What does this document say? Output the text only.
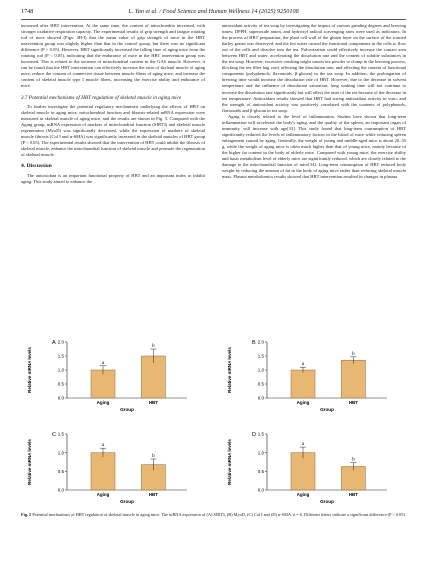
1748	L. Yan et al. / Food Science and Human Wellness 14 (2025) 9250108

increased after HBT intervention. At the same time, the content of mitochondria increased, with stronger oxidative respiration capacity. The experimental results of grip strength and fatigue rotating rod of mice showed (Figs. 4H-I) that the mean value of grip strength of mice in the HBT intervention group was slightly higher than that in the control group, but there was no significant difference (P > 0.05). However, HBT significantly increased the falling time of aging mice from the rotating rod (P < 0.05), indicating that the endurance of mice in the HBT intervention group was increased. This is related to the increase of mitochondrial content in the GAS muscle. However, it can be found that the HBT intervention can effectively increase the ratio of skeletal muscle of aging mice, reduce the content of connective tissue between muscle fibers of aging mice, and increase the content of skeletal muscle type I muscle fibers, increasing the exercise ability and endurance of mice.

3.7 Potential mechanisms of HBT regulation of skeletal muscle in aging mice

To further investigate the potential regulatory mechanisms underlying the effects of HBT on skeletal muscle in aging mice, mitochondrial function and fibrosis-related mRNA expression were measured in skeletal muscle of aging mice, and the results are shown in Fig. 5. Compared with the Aging group, mRNA expression of markers of mitochondrial function (SIRT3) and skeletal muscle regeneration (MyoD) was significantly decreased, while the expression of markers of skeletal muscle fibrosis (Col I and α-SMA) was significantly increased in the skeletal muscles of HBT group (P < 0.05). The experimental results showed that the intervention of HBT could inhibit the fibrosis of skeletal muscle, enhance the mitochondrial function of skeletal muscle and promote the regeneration of skeletal muscle.

4. Discussion

The antioxidant is an important functional property of HBT and an important index to inhibit aging. This study aimed to enhance the

antioxidant activity of tea soup by investigating the impact of various grinding degrees and brewing times; DPPH, superoxide anion, and hydroxyl radical scavenging rates were used as indicators. In the process of HBT preparation, the plant cell wall of the gluten layer on the surface of the roasted barley grains was destroyed, and the hot water caused the functional components in the cells to flow out of the cells and dissolve into the tea. Pulverization could effectively increase the contact area between HBT and water, accelerating the dissolution rate and the content of soluble substances in the tea soup. However, excessive crushing might causes tea powder to clump in the brewing process, blocking the tea filter bag void, affecting the dissolution rate, and affecting the content of functional components (polyphenols, flavonoids, β-glucan) in the tea soup. In addition, the prolongation of brewing time would increase the dissolution rate of HBT. However, due to the decrease in solvent temperature and the influence of dissolution saturation, long soaking time will not continue to increase the dissolution rate significantly but will affect the taste of the tea because of the decrease in tea temperature. Antioxidant results showed that HBT had strong antioxidant activity in vitro, and the strength of antioxidant activity was positively correlated with the contents of polyphenols, flavonoids and β-glucan in tea soup.

Aging is closely related to the level of inflammation. Studies have shown that long-term inflammation will accelerate the body's aging, and the quality of the spleen, an important organ of immunity, will increase with age[33]. This study found that long-term consumption of HBT significantly reduced the levels of inflammatory factors in the blood of mice while reducing spleen enlargement caused by aging. Generally, the weight of young and middle-aged mice is about 20–35 g, while the weight of aging mice is often much higher than that of young mice, mainly because of the higher fat content in the body of elderly mice. Compared with young mice, the exercise ability and basic metabolism level of elderly mice are significantly reduced, which are closely related to the damage to the mitochondrial function of mice[34]. Long-term consumption of HBT reduced body weight by reducing the amount of fat in the body of aging mice rather than reducing skeletal muscle mass. Plasma metabolomics results showed that HBT intervention resulted in changes in plasma

A
Relative mRNA levels
0.0
0.5
1.0
1.5
2.0
a
Aging
b
HBT
Group
B
Relative mRNA levels
0.0
0.5
1.0
1.5
2.0
a
Aging
b
HBT
Group
C
Relative mRNA levels
0.0
0.5
1.0
1.5
a
Aging
b
HBT
Group
D
Relative mRNA levels
0.0
0.5
1.0
1.5
a
Aging
b
HBT
Group
Fig. 5 Potential mechanisms of HBT regulation of skeletal muscle in aging mice. The mRNA expression of (A) SIRT3, (B) MyoD, (C) Col I and (D) α-SMA. n = 6. Different letters indicate a significant difference (P < 0.05).
